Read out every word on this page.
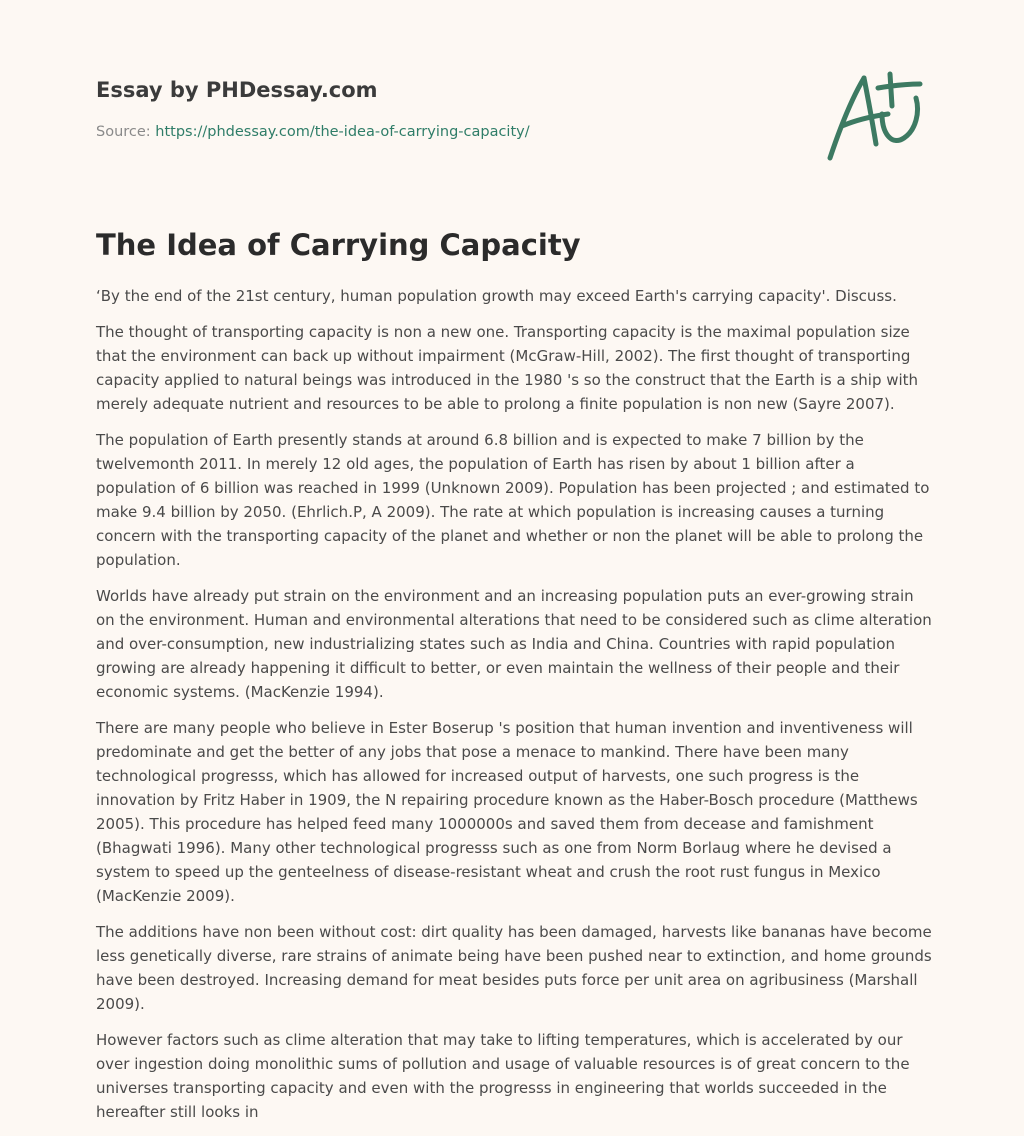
Essay by PHDessay.com
Source: https://phdessay.com/the-idea-of-carrying-capacity/
The Idea of Carrying Capacity

‘By the end of the 21st century, human population growth may exceed Earth's carrying capacity'. Discuss.

The thought of transporting capacity is non a new one. Transporting capacity is the maximal population size that the environment can back up without impairment (McGraw-Hill, 2002). The first thought of transporting capacity applied to natural beings was introduced in the 1980 's so the construct that the Earth is a ship with merely adequate nutrient and resources to be able to prolong a finite population is non new (Sayre 2007).

The population of Earth presently stands at around 6.8 billion and is expected to make 7 billion by the twelvemonth 2011. In merely 12 old ages, the population of Earth has risen by about 1 billion after a population of 6 billion was reached in 1999 (Unknown 2009). Population has been projected ; and estimated to make 9.4 billion by 2050. (Ehrlich.P, A 2009). The rate at which population is increasing causes a turning concern with the transporting capacity of the planet and whether or non the planet will be able to prolong the population.

Worlds have already put strain on the environment and an increasing population puts an ever-growing strain on the environment. Human and environmental alterations that need to be considered such as clime alteration and over-consumption, new industrializing states such as India and China. Countries with rapid population growing are already happening it difficult to better, or even maintain the wellness of their people and their economic systems. (MacKenzie 1994).

There are many people who believe in Ester Boserup 's position that human invention and inventiveness will predominate and get the better of any jobs that pose a menace to mankind. There have been many technological progresss, which has allowed for increased output of harvests, one such progress is the innovation by Fritz Haber in 1909, the N repairing procedure known as the Haber-Bosch procedure (Matthews 2005). This procedure has helped feed many 1000000s and saved them from decease and famishment (Bhagwati 1996). Many other technological progresss such as one from Norm Borlaug where he devised a system to speed up the genteelness of disease-resistant wheat and crush the root rust fungus in Mexico (MacKenzie 2009).

The additions have non been without cost: dirt quality has been damaged, harvests like bananas have become less genetically diverse, rare strains of animate being have been pushed near to extinction, and home grounds have been destroyed. Increasing demand for meat besides puts force per unit area on agribusiness (Marshall 2009).

However factors such as clime alteration that may take to lifting temperatures, which is accelerated by our over ingestion doing monolithic sums of pollution and usage of valuable resources is of great concern to the universes transporting capacity and even with the progresss in engineering that worlds succeeded in the hereafter still looks in
